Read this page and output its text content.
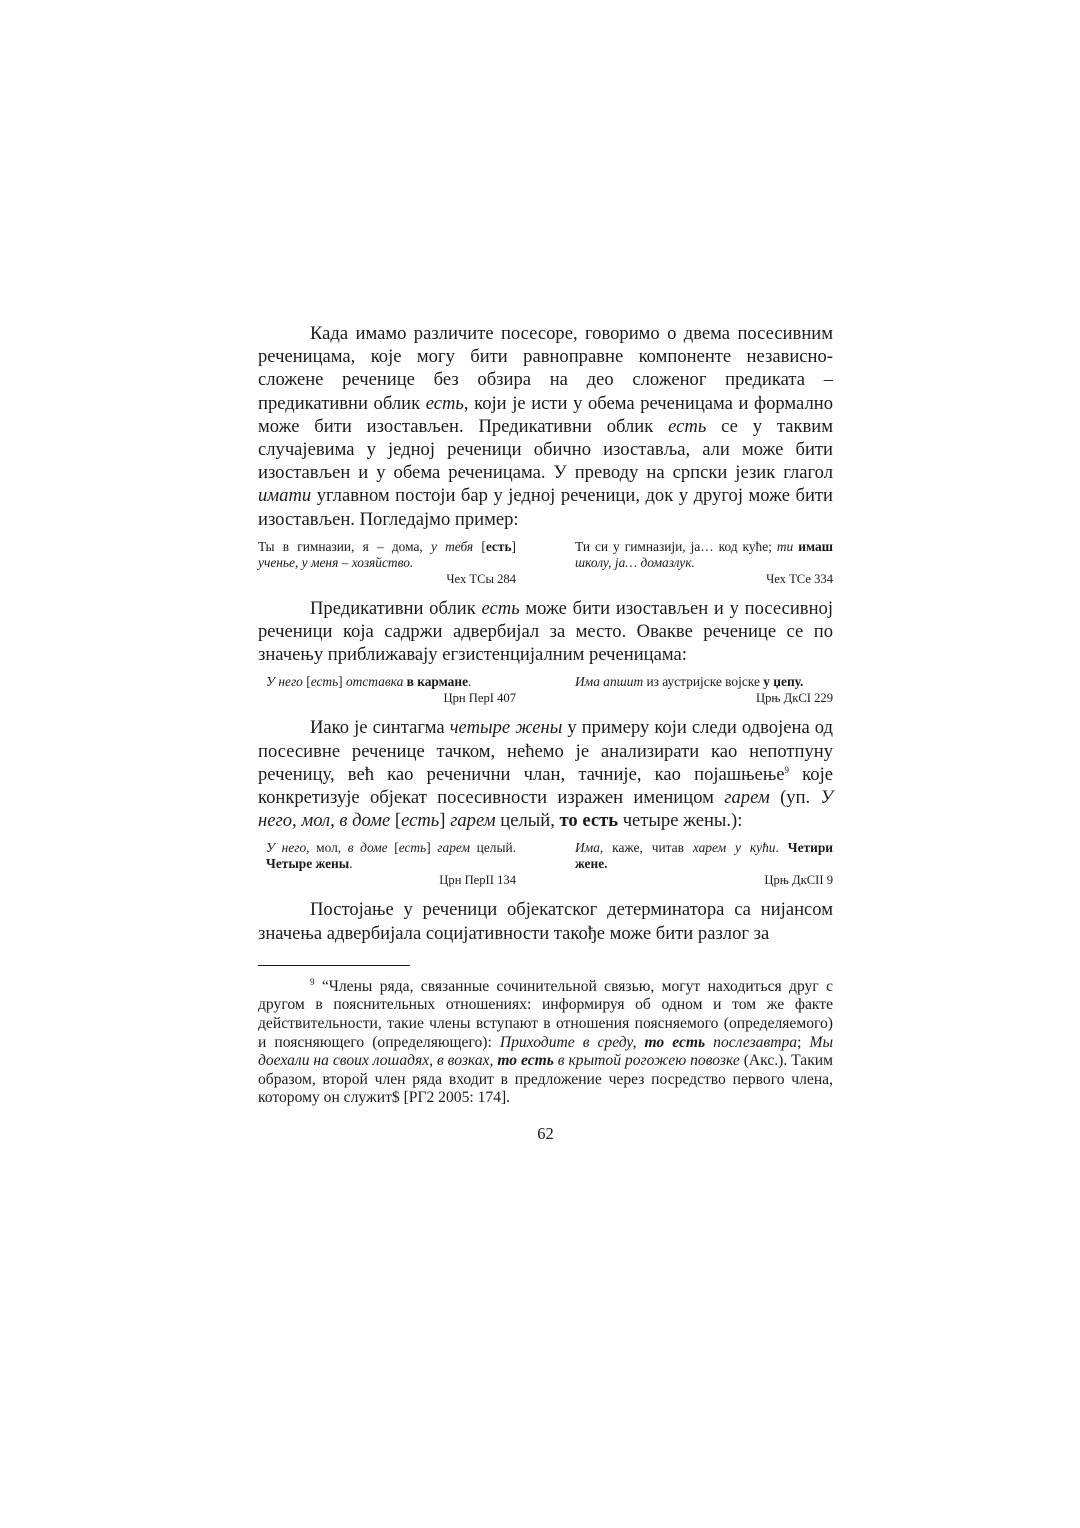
Када имамо различите посесоре, говоримо о двема посесивним реченицама, које могу бити равноправне компоненте независно-сложене реченице без обзира на део сложеног предиката – предикативни облик есть, који је исти у обема реченицама и формално може бити изостављен. Предикативни облик есть се у таквим случајевима у једној реченици обично изоставља, али може бити изостављен и у обема реченицама. У преводу на српски језик глагол имати углавном постоји бар у једној реченици, док у другој може бити изостављен. Погледајмо пример:

Ты в гимназии, я – дома, у тебя [есть] ученье, у меня – хозяйство.
Чех ТСы 284
Ти си у гимназији, ја… код куће; ти имаш школу, ја… домазлук.
Чех ТСе 334

Предикативни облик есть може бити изостављен и у посесивној реченици која садржи адвербијал за место. Овакве реченице се по значењу приближавају егзистенцијалним реченицама:

У него [есть] отставка в кармане.
Црн ПерI 407
Има апшит из аустријске војске у џепу.
Црњ ДкСI 229

Иако је синтагма четыре жены у примеру који следи одвојена од посесивне реченице тачком, нећемо је анализирати као непотпуну реченицу, већ као реченични члан, тачније, као појашњење$^9$ које конкретизује објекат посесивности изражен именицом гарем (уп. У него, мол, в доме [есть] гарем целый, то есть четыре жены.):

У него, мол, в доме [есть] гарем целый. Четыре жены.
Црн ПерII 134
Има, каже, читав харем у кући. Четири жене.
Црњ ДкСII 9

Постојање у реченици објекатског детерминатора са нијансом значења адвербијала социјативности такође може бити разлог за

$^9$ “Члены ряда, связанные сочинительной связью, могут находиться друг с другом в пояснительных отношениях: информируя об одном и том же факте действительности, такие члены вступают в отношения поясняемого (определяемого) и поясняющего (определяющего): Приходите в среду, то есть послезавтра; Мы доехали на своих лошадях, в возках, то есть в крытой рогожею повозке (Акс.). Таким образом, второй член ряда входит в предложение через посредство первого члена, которому он служит$ [РГ2 2005: 174].

62
